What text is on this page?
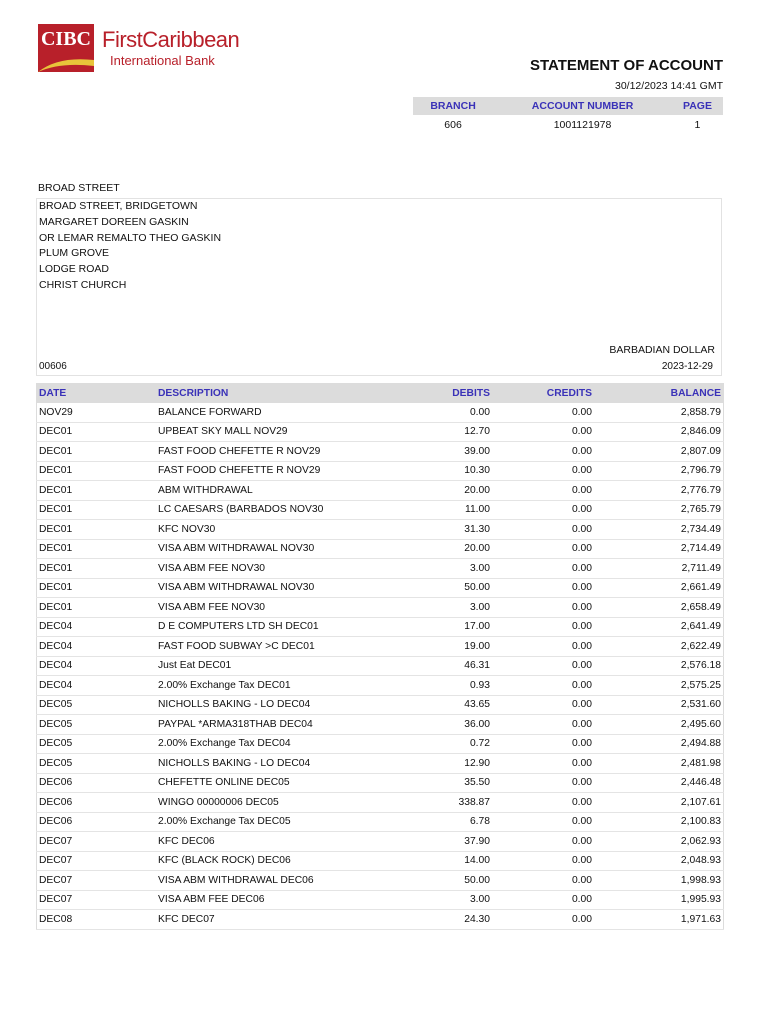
CIBC FirstCaribbean
International Bank	STATEMENT OF ACCOUNT
30/12/2023 14:41 GMT
BRANCH	ACCOUNT NUMBER	PAGE
606	1001121978	1
BROAD STREET
BROAD STREET, BRIDGETOWN
MARGARET DOREEN GASKIN
OR LEMAR REMALTO THEO GASKIN
PLUM GROVE
LODGE ROAD
CHRIST CHURCH
BARBADIAN DOLLAR
00606	2023-12-29
DATE	DESCRIPTION	DEBITS	CREDITS	BALANCE
NOV29	BALANCE FORWARD	0.00	0.00	2,858.79
DEC01	UPBEAT SKY MALL NOV29	12.70	0.00	2,846.09
DEC01	FAST FOOD CHEFETTE R NOV29	39.00	0.00	2,807.09
DEC01	FAST FOOD CHEFETTE R NOV29	10.30	0.00	2,796.79
DEC01	ABM WITHDRAWAL	20.00	0.00	2,776.79
DEC01	LC CAESARS (BARBADOS NOV30	11.00	0.00	2,765.79
DEC01	KFC NOV30	31.30	0.00	2,734.49
DEC01	VISA ABM WITHDRAWAL NOV30	20.00	0.00	2,714.49
DEC01	VISA ABM FEE NOV30	3.00	0.00	2,711.49
DEC01	VISA ABM WITHDRAWAL NOV30	50.00	0.00	2,661.49
DEC01	VISA ABM FEE NOV30	3.00	0.00	2,658.49
DEC04	D E COMPUTERS LTD SH DEC01	17.00	0.00	2,641.49
DEC04	FAST FOOD SUBWAY >C DEC01	19.00	0.00	2,622.49
DEC04	Just Eat DEC01	46.31	0.00	2,576.18
DEC04	2.00% Exchange Tax DEC01	0.93	0.00	2,575.25
DEC05	NICHOLLS BAKING - LO DEC04	43.65	0.00	2,531.60
DEC05	PAYPAL *ARMA318THAB DEC04	36.00	0.00	2,495.60
DEC05	2.00% Exchange Tax DEC04	0.72	0.00	2,494.88
DEC05	NICHOLLS BAKING - LO DEC04	12.90	0.00	2,481.98
DEC06	CHEFETTE ONLINE DEC05	35.50	0.00	2,446.48
DEC06	WINGO 00000006 DEC05	338.87	0.00	2,107.61
DEC06	2.00% Exchange Tax DEC05	6.78	0.00	2,100.83
DEC07	KFC DEC06	37.90	0.00	2,062.93
DEC07	KFC (BLACK ROCK) DEC06	14.00	0.00	2,048.93
DEC07	VISA ABM WITHDRAWAL DEC06	50.00	0.00	1,998.93
DEC07	VISA ABM FEE DEC06	3.00	0.00	1,995.93
DEC08	KFC DEC07	24.30	0.00	1,971.63
